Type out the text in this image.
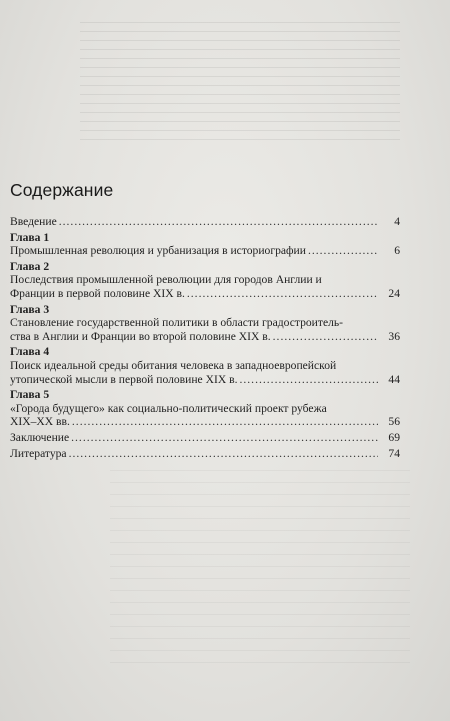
Содержание
Введение .....	4
Глава 1
Промышленная революция и урбанизация в историографии .....	6
Глава 2
Последствия промышленной революции для городов Англии и
Франции в первой половине XIX в. .....	24
Глава 3
Становление государственной политики в области градостроитель-
ства в Англии и Франции во второй половине XIX в. .....	36
Глава 4
Поиск идеальной среды обитания человека в западноевропейской
утопической мысли в первой половине XIX в. .....	44
Глава 5
«Города будущего» как социально-политический проект рубежа
XIX–XX вв. .....	56
Заключение .....	69
Литература .....	74
